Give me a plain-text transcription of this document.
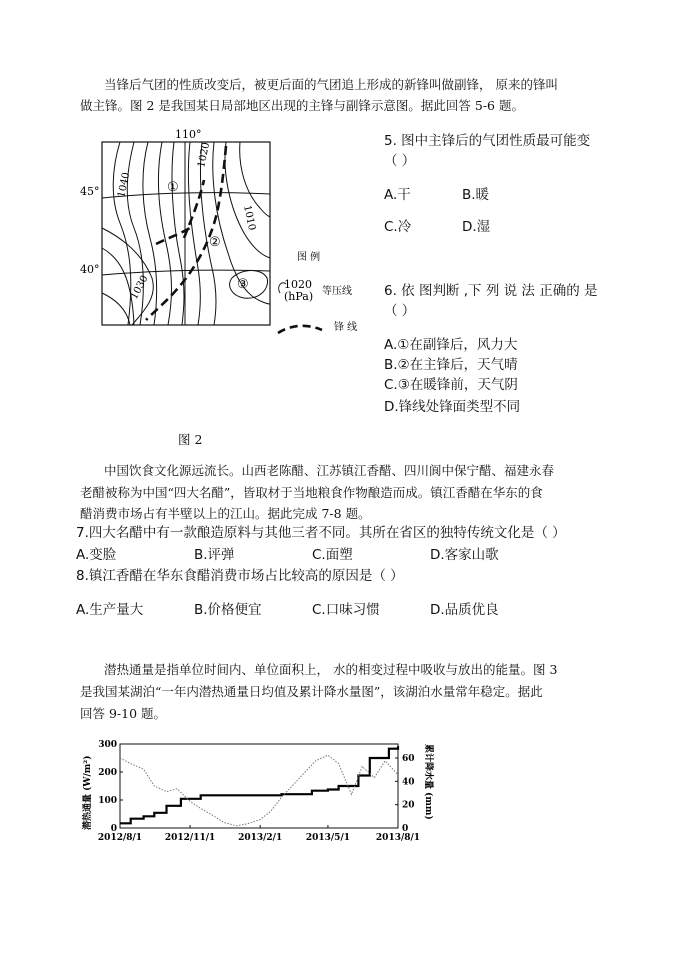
当锋后气团的性质改变后，被更后面的气团追上形成的新锋叫做副锋， 原来的锋叫
做主锋。图 2 是我国某日局部地区出现的主锋与副锋示意图。据此回答 5-6 题。
110°
45°
40°
1040
1020
1030
1010
①
②
③
图 例
1020
(hPa) 等压线
锋 线
图 2
5. 图中主锋后的气团性质最可能变
（ ）
A.干	B.暖
C.冷	D.湿
6. 依 图判断 ,下 列 说 法 正确的 是
（ ）
A.①在副锋后，风力大
B.②在主锋后，天气晴
C.③在暖锋前，天气阴
D.锋线处锋面类型不同
中国饮食文化源远流长。山西老陈醋、江苏镇江香醋、四川阆中保宁醋、福建永春
老醋被称为中国“四大名醋”，皆取材于当地粮食作物酿造而成。镇江香醋在华东的食
醋消费市场占有半壁以上的江山。据此完成 7-8 题。
7.四大名醋中有一款酿造原料与其他三者不同。其所在省区的独特传统文化是（ ）
A.变脸	B.评弹	C.面塑	D.客家山歌
8.镇江香醋在华东食醋消费市场占比较高的原因是（ ）
A.生产量大	B.价格便宜	C.口味习惯	D.品质优良
潜热通量是指单位时间内、单位面积上， 水的相变过程中吸收与放出的能量。图 3
是我国某湖泊“一年内潜热通量日均值及累计降水量图”，该湖泊水量常年稳定。据此
回答 9-10 题。
潜热通量 (W/m²)	累计降水量 (mm)
2012/8/1	2012/11/1	2013/2/1	2013/5/1	2013/8/1
0
100
200
300
0
20
40
60
